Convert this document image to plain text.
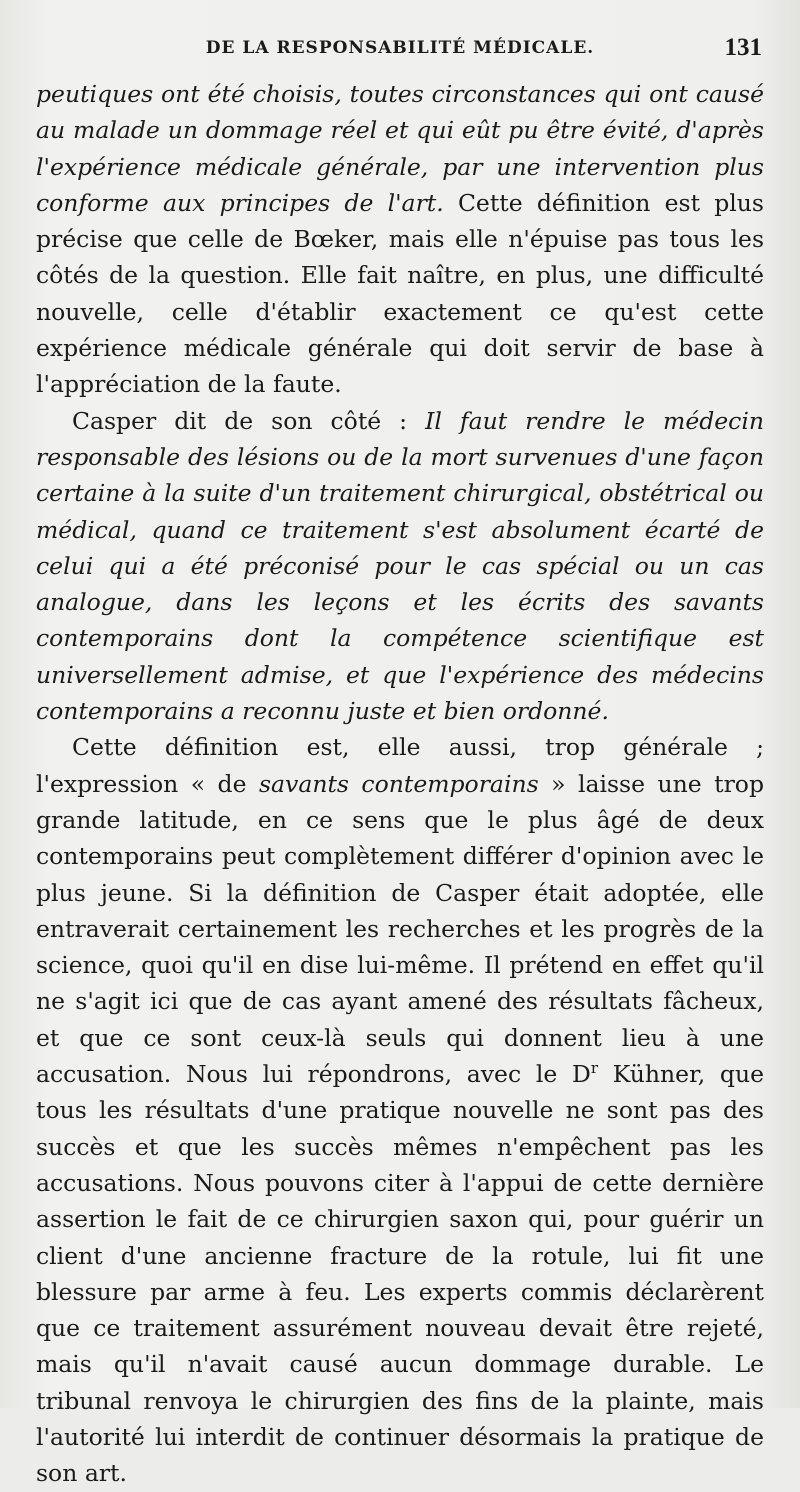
DE LA RESPONSABILITÉ MÉDICALE.	131

peutiques ont été choisis, toutes circonstances qui ont causé au malade un dommage réel et qui eût pu être évité, d'après l'expérience médicale générale, par une intervention plus conforme aux principes de l'art. Cette définition est plus précise que celle de Bœker, mais elle n'épuise pas tous les côtés de la question. Elle fait naître, en plus, une difficulté nouvelle, celle d'établir exactement ce qu'est cette expérience médicale générale qui doit servir de base à l'appréciation de la faute.

Casper dit de son côté : Il faut rendre le médecin responsable des lésions ou de la mort survenues d'une façon certaine à la suite d'un traitement chirurgical, obstétrical ou médical, quand ce traitement s'est absolument écarté de celui qui a été préconisé pour le cas spécial ou un cas analogue, dans les leçons et les écrits des savants contemporains dont la compétence scientifique est universellement admise, et que l'expérience des médecins contemporains a reconnu juste et bien ordonné.

Cette définition est, elle aussi, trop générale ; l'expression « de savants contemporains » laisse une trop grande latitude, en ce sens que le plus âgé de deux contemporains peut complètement différer d'opinion avec le plus jeune. Si la définition de Casper était adoptée, elle entraverait certainement les recherches et les progrès de la science, quoi qu'il en dise lui-même. Il prétend en effet qu'il ne s'agit ici que de cas ayant amené des résultats fâcheux, et que ce sont ceux-là seuls qui donnent lieu à une accusation. Nous lui répondrons, avec le $D^r$ Kühner, que tous les résultats d'une pratique nouvelle ne sont pas des succès et que les succès mêmes n'empêchent pas les accusations. Nous pouvons citer à l'appui de cette dernière assertion le fait de ce chirurgien saxon qui, pour guérir un client d'une ancienne fracture de la rotule, lui fit une blessure par arme à feu. Les experts commis déclarèrent que ce traitement assurément nouveau devait être rejeté, mais qu'il n'avait causé aucun dommage durable. Le tribunal renvoya le chirurgien des fins de la plainte, mais l'autorité lui interdit de continuer désormais la pratique de son art.
